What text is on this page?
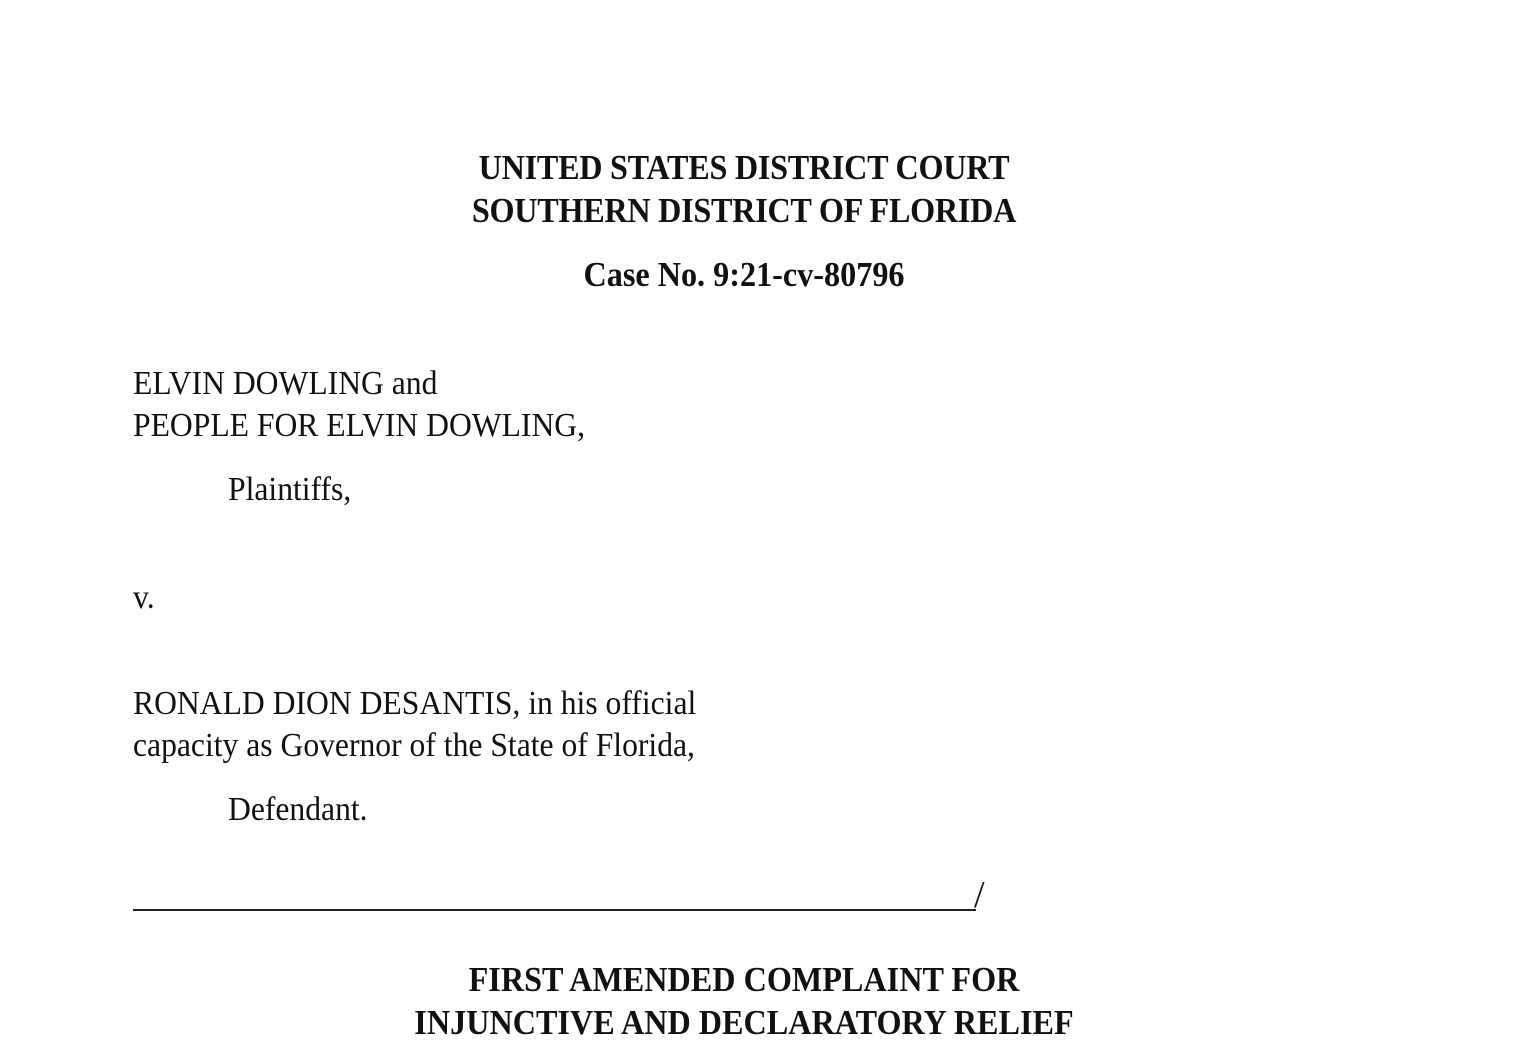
UNITED STATES DISTRICT COURT
SOUTHERN DISTRICT OF FLORIDA
Case No. 9:21-cv-80796
ELVIN DOWLING and
PEOPLE FOR ELVIN DOWLING,
Plaintiffs,
v.
RONALD DION DESANTIS, in his official
capacity as Governor of the State of Florida,
Defendant.
/
FIRST AMENDED COMPLAINT FOR
INJUNCTIVE AND DECLARATORY RELIEF
